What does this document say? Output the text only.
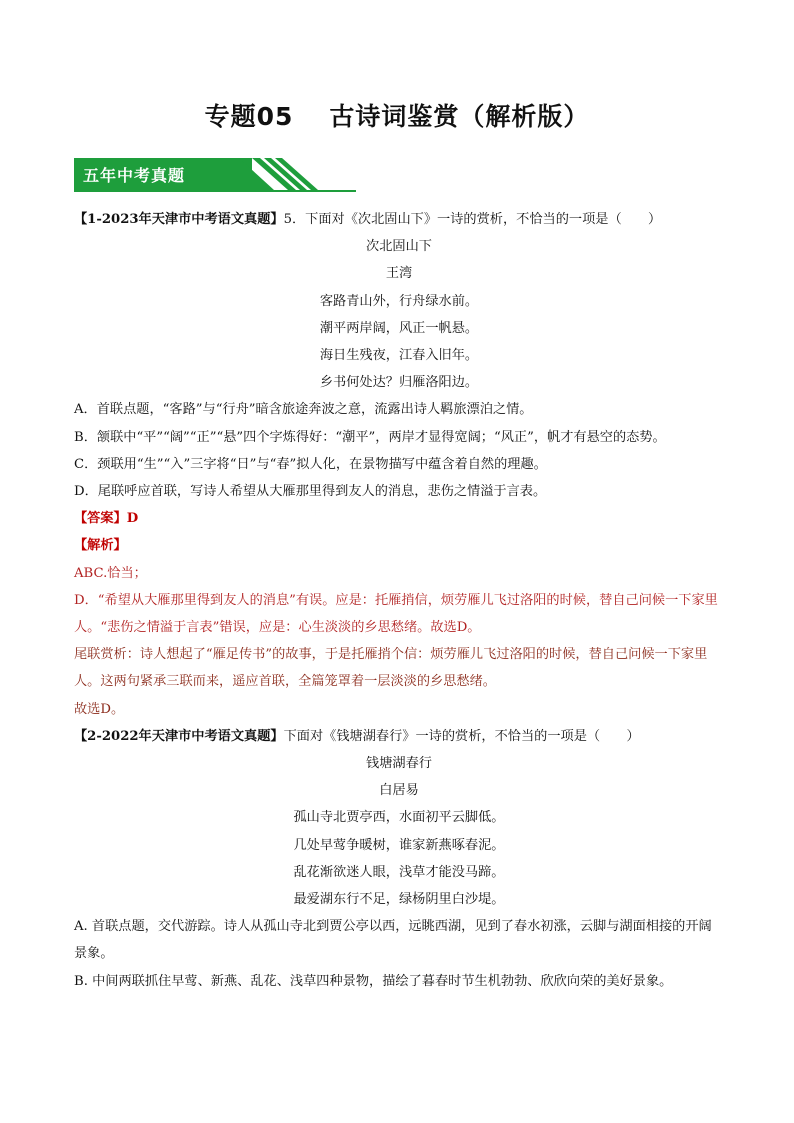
专题05 古诗词鉴赏（解析版）
五年中考真题

【1-2023年天津市中考语文真题】5．下面对《次北固山下》一诗的赏析，不恰当的一项是（　　）

次北固山下

王湾

客路青山外，行舟绿水前。

潮平两岸阔，风正一帆悬。

海日生残夜，江春入旧年。

乡书何处达？归雁洛阳边。

A．首联点题，“客路”与“行舟”暗含旅途奔波之意，流露出诗人羁旅漂泊之情。

B．颔联中“平”“阔”“正”“悬”四个字炼得好：“潮平”，两岸才显得宽阔；“风正”，帆才有悬空的态势。

C．颈联用“生”“入”三字将“日”与“春”拟人化，在景物描写中蕴含着自然的理趣。

D．尾联呼应首联，写诗人希望从大雁那里得到友人的消息，悲伤之情溢于言表。

【答案】D

【解析】

ABC.恰当；

D．“希望从大雁那里得到友人的消息”有误。应是：托雁捎信，烦劳雁儿飞过洛阳的时候，替自己问候一下家里人。“悲伤之情溢于言表”错误，应是：心生淡淡的乡思愁绪。故选D。

尾联赏析：诗人想起了“雁足传书”的故事，于是托雁捎个信：烦劳雁儿飞过洛阳的时候，替自己问候一下家里人。这两句紧承三联而来，遥应首联，全篇笼罩着一层淡淡的乡思愁绪。

故选D。

【2-2022年天津市中考语文真题】下面对《钱塘湖春行》一诗的赏析，不恰当的一项是（　　）

钱塘湖春行

白居易

孤山寺北贾亭西，水面初平云脚低。

几处早莺争暖树，谁家新燕啄春泥。

乱花渐欲迷人眼，浅草才能没马蹄。

最爱湖东行不足，绿杨阴里白沙堤。

A. 首联点题，交代游踪。诗人从孤山寺北到贾公亭以西，远眺西湖，见到了春水初涨，云脚与湖面相接的开阔景象。

B. 中间两联抓住早莺、新燕、乱花、浅草四种景物，描绘了暮春时节生机勃勃、欣欣向荣的美好景象。
